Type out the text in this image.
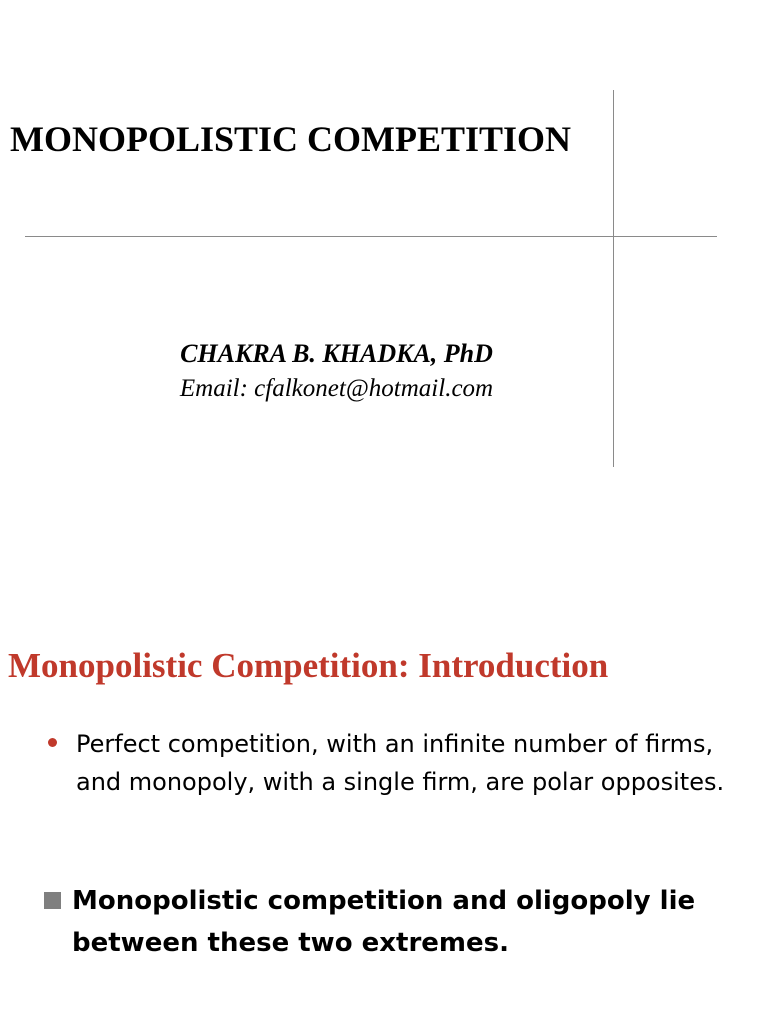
MONOPOLISTIC COMPETITION

CHAKRA B. KHADKA, PhD

Email: cfalkonet@hotmail.com

Monopolistic Competition: Introduction

Perfect competition, with an infinite number of firms, and monopoly, with a single firm, are polar opposites.

Monopolistic competition and oligopoly lie between these two extremes.
